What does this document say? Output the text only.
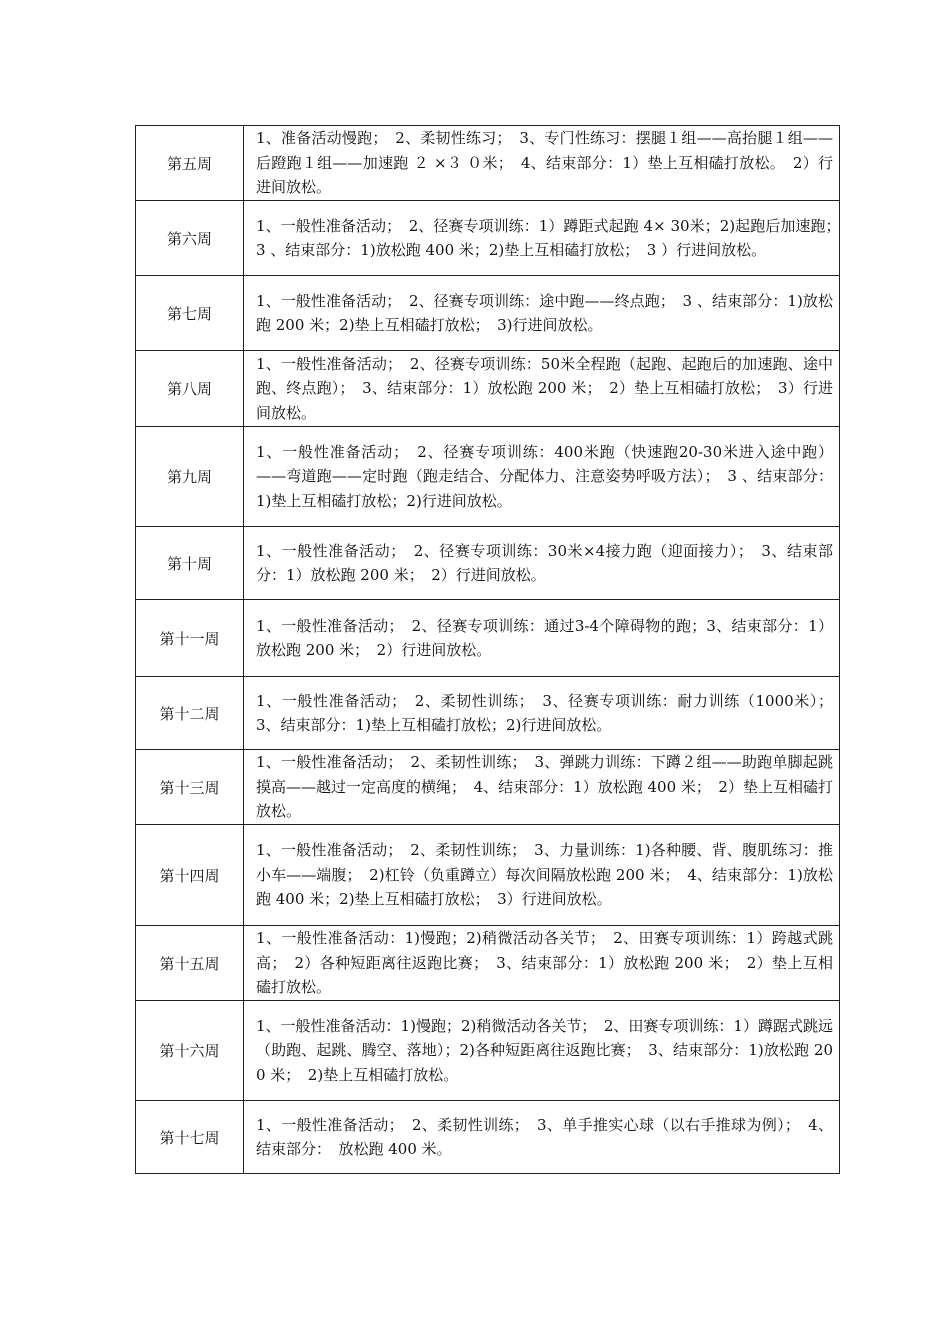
第五周	1、准备活动慢跑；　2、柔韧性练习；　3、专门性练习：摆腿１组——高抬腿１组——后蹬跑１组——加速跑 ２ ×３ ０米；　4、结束部分：1）垫上互相磕打放松。　2）行进间放松。

第六周	1、一般性准备活动；　2、径赛专项训练：1）蹲距式起跑 4× 30米；2)起跑后加速跑；　3 、结束部分：1)放松跑 400 米；2)垫上互相磕打放松；　3 ）行进间放松。

第七周	1、一般性准备活动；　2、径赛专项训练：途中跑——终点跑；　3 、结束部分：1)放松跑 200 米；2)垫上互相磕打放松；　3)行进间放松。

第八周	1、一般性准备活动；　2、径赛专项训练：50米全程跑（起跑、起跑后的加速跑、途中跑、终点跑）；　3、结束部分：1）放松跑 200 米；　2）垫上互相磕打放松；　3）行进间放松。

第九周	1、一般性准备活动；　2、径赛专项训练：400米跑（快速跑20-30米进入途中跑）——弯道跑——定时跑（跑走结合、分配体力、注意姿势呼吸方法）；　3 、结束部分：1)垫上互相磕打放松；2)行进间放松。

第十周	1、一般性准备活动；　2、径赛专项训练：30米×4接力跑（迎面接力）；　3、结束部分：1）放松跑 200 米；　2）行进间放松。

第十一周	1、一般性准备活动；　2、径赛专项训练：通过3-4个障碍物的跑；3、结束部分：1）放松跑 200 米；　2）行进间放松。

第十二周	1、一般性准备活动；　2、柔韧性训练；　3、径赛专项训练：耐力训练（1000米）；3、结束部分：1)垫上互相磕打放松；2)行进间放松。

第十三周	1、一般性准备活动；　2、柔韧性训练；　3、弹跳力训练：下蹲２组——助跑单脚起跳摸高——越过一定高度的横绳；　4、结束部分：1）放松跑 400 米；　2）垫上互相磕打放松。

第十四周	1、一般性准备活动；　2、柔韧性训练；　3、力量训练：1)各种腰、背、腹肌练习：推小车——端腹；　2)杠铃（负重蹲立）每次间隔放松跑 200 米；　4、结束部分：1)放松跑 400 米；2)垫上互相磕打放松；　3）行进间放松。

第十五周	1、一般性准备活动：1)慢跑；2)稍微活动各关节；　2、田赛专项训练：1）跨越式跳高；　2）各种短距离往返跑比赛；　3、结束部分：1）放松跑 200 米；　2）垫上互相磕打放松。

第十六周	1、一般性准备活动：1)慢跑；2)稍微活动各关节；　2、田赛专项训练：1）蹲踞式跳远（助跑、起跳、腾空、落地）；2)各种短距离往返跑比赛；　3、结束部分：1)放松跑 200 米；　2)垫上互相磕打放松。

第十七周	1、一般性准备活动；　2、柔韧性训练；　3、单手推实心球（以右手推球为例）；　4、结束部分：　放松跑 400 米。
